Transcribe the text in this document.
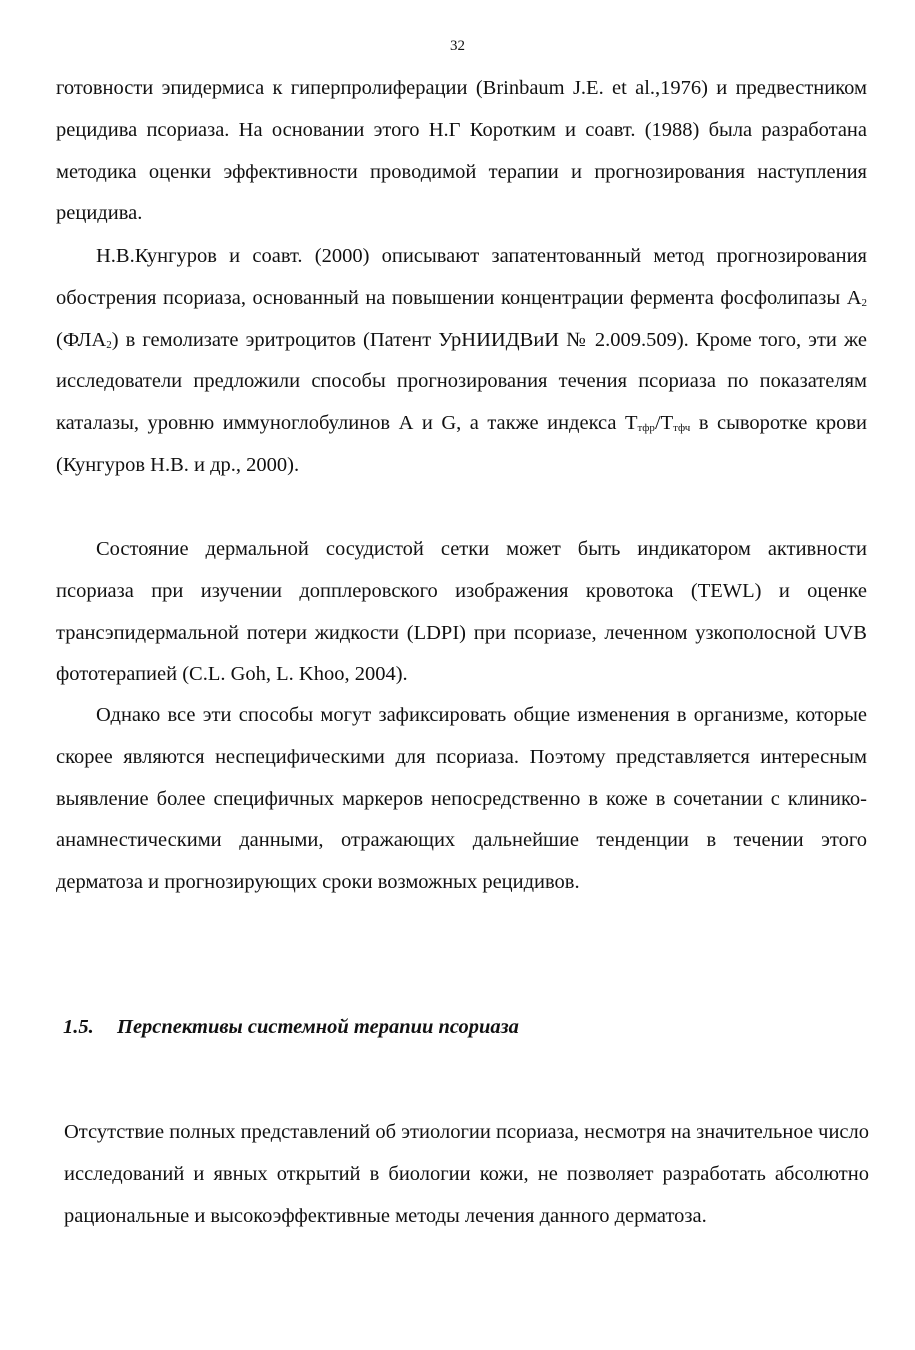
32

готовности эпидермиса к гиперпролиферации (Brinbaum J.E. et al.,1976) и предвестником рецидива псориаза. На основании этого Н.Г Коротким и соавт. (1988) была разработана методика оценки эффективности проводимой терапии и прогнозирования наступления рецидива.

Н.В.Кунгуров и соавт. (2000) описывают запатентованный метод прогнозирования обострения псориаза, основанный на повышении концентрации фермента фосфолипазы $А_2$ $(ФЛА_2)$ в гемолизате эритроцитов (Патент УрНИИДВиИ № 2.009.509). Кроме того, эти же исследователи предложили способы прогнозирования течения псориаза по показателям каталазы, уровню иммуноглобулинов А и G, а также индекса $Т_{тфр}/Т_{тфч}$ в сыворотке крови (Кунгуров Н.В. и др., 2000).

Состояние дермальной сосудистой сетки может быть индикатором активности псориаза при изучении допплеровского изображения кровотока (TEWL) и оценке трансэпидермальной потери жидкости (LDPI) при псориазе, леченном узкополосной UVB фототерапией (C.L. Goh, L. Khoo, 2004).

Однако все эти способы могут зафиксировать общие изменения в организме, которые скорее являются неспецифическими для псориаза. Поэтому представляется интересным выявление более специфичных маркеров непосредственно в коже в сочетании с клинико-анамнестическими данными, отражающих дальнейшие тенденции в течении этого дерматоза и прогнозирующих сроки возможных рецидивов.

1.5. Перспективы системной терапии псориаза

Отсутствие полных представлений об этиологии псориаза, несмотря на значительное число исследований и явных открытий в биологии кожи, не позволяет разработать абсолютно рациональные и высокоэффективные методы лечения данного дерматоза.
